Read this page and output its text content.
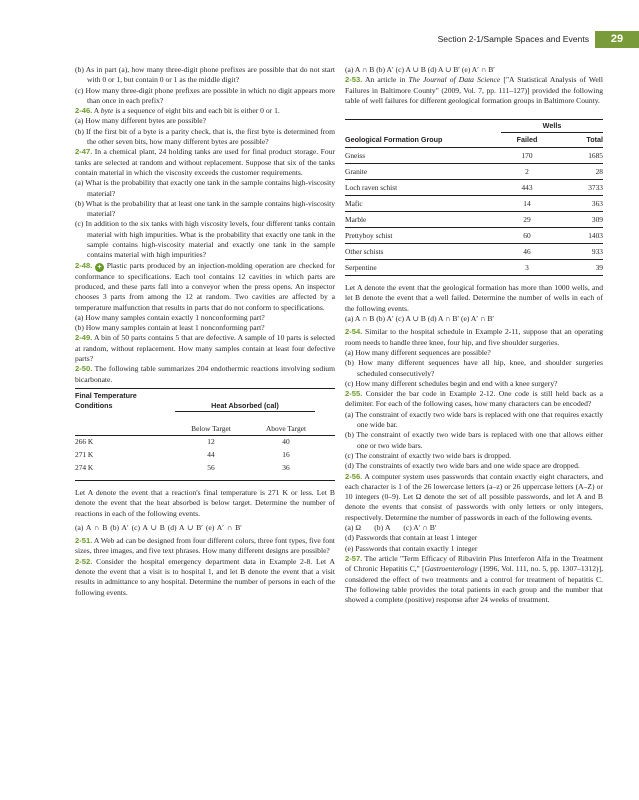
Section 2-1/Sample Spaces and Events	29

(b) As in part (a), how many three-digit phone prefixes are possible that do not start with 0 or 1, but contain 0 or 1 as the middle digit?

(c) How many three-digit phone prefixes are possible in which no digit appears more than once in each prefix?

2-46. A byte is a sequence of eight bits and each bit is either 0 or 1.

(a) How many different bytes are possible?

(b) If the first bit of a byte is a parity check, that is, the first byte is determined from the other seven bits, how many different bytes are possible?

2-47. In a chemical plant, 24 holding tanks are used for final product storage. Four tanks are selected at random and without replacement. Suppose that six of the tanks contain material in which the viscosity exceeds the customer requirements.

(a) What is the probability that exactly one tank in the sample contains high-viscosity material?

(b) What is the probability that at least one tank in the sample contains high-viscosity material?

(c) In addition to the six tanks with high viscosity levels, four different tanks contain material with high impurities. What is the probability that exactly one tank in the sample contains high-viscosity material and exactly one tank in the sample contains material with high impurities?

2-48. + Plastic parts produced by an injection-molding operation are checked for conformance to specifications. Each tool contains 12 cavities in which parts are produced, and these parts fall into a conveyor when the press opens. An inspector chooses 3 parts from among the 12 at random. Two cavities are affected by a temperature malfunction that results in parts that do not conform to specifications.

(a) How many samples contain exactly 1 nonconforming part?

(b) How many samples contain at least 1 nonconforming part?

2-49. A bin of 50 parts contains 5 that are defective. A sample of 10 parts is selected at random, without replacement. How many samples contain at least four defective parts?

2-50. The following table summarizes 204 endothermic reactions involving sodium bicarbonate.

Final Temperature
Conditions	Heat Absorbed (cal)
Below Target	Above Target
266 K	12	40
271 K	44	16
274 K	56	36

Let A denote the event that a reaction's final temperature is 271 K or less. Let B denote the event that the heat absorbed is below target. Determine the number of reactions in each of the following events.

(a) A ∩ B (b) A′ (c) A ∪ B (d) A ∪ B′ (e) A′ ∩ B′

2-51. A Web ad can be designed from four different colors, three font types, five font sizes, three images, and five text phrases. How many different designs are possible?

2-52. Consider the hospital emergency department data in Example 2-8. Let A denote the event that a visit is to hospital 1, and let B denote the event that a visit results in admittance to any hospital. Determine the number of persons in each of the following events.

(a) A ∩ B (b) A′ (c) A ∪ B (d) A ∪ B′ (e) A′ ∩ B′

2-53. An article in The Journal of Data Science ["A Statistical Analysis of Well Failures in Baltimore County" (2009, Vol. 7, pp. 111–127)] provided the following table of well failures for different geological formation groups in Baltimore County.

Wells
Geological Formation Group	Failed	Total
Gneiss	170	1685
Granite	2	28
Loch raven schist	443	3733
Mafic	14	363
Marble	29	309
Prettyboy schist	60	1403
Other schists	46	933
Serpentine	3	39

Let A denote the event that the geological formation has more than 1000 wells, and let B denote the event that a well failed. Determine the number of wells in each of the following events.

(a) A ∩ B (b) A′ (c) A ∪ B (d) A ∩ B′ (e) A′ ∩ B′

2-54. Similar to the hospital schedule in Example 2-11, suppose that an operating room needs to handle three knee, four hip, and five shoulder surgeries.

(a) How many different sequences are possible?

(b) How many different sequences have all hip, knee, and shoulder surgeries scheduled consecutively?

(c) How many different schedules begin and end with a knee surgery?

2-55. Consider the bar code in Example 2-12. One code is still held back as a delimiter. For each of the following cases, how many characters can be encoded?

(a) The constraint of exactly two wide bars is replaced with one that requires exactly one wide bar.

(b) The constraint of exactly two wide bars is replaced with one that allows either one or two wide bars.

(c) The constraint of exactly two wide bars is dropped.

(d) The constraints of exactly two wide bars and one wide space are dropped.

2-56. A computer system uses passwords that contain exactly eight characters, and each character is 1 of the 26 lowercase letters (a–z) or 26 uppercase letters (A–Z) or 10 integers (0–9). Let Ω denote the set of all possible passwords, and let A and B denote the events that consist of passwords with only letters or only integers, respectively. Determine the number of passwords in each of the following events.

(a) Ω       (b) A       (c) A′ ∩ B′

(d) Passwords that contain at least 1 integer

(e) Passwords that contain exactly 1 integer

2-57. The article "Term Efficacy of Ribavirin Plus Interferon Alfa in the Treatment of Chronic Hepatitis C," [Gastroenterology (1996, Vol. 111, no. 5, pp. 1307–1312)], considered the effect of two treatments and a control for treatment of hepatitis C. The following table provides the total patients in each group and the number that showed a complete (positive) response after 24 weeks of treatment.
